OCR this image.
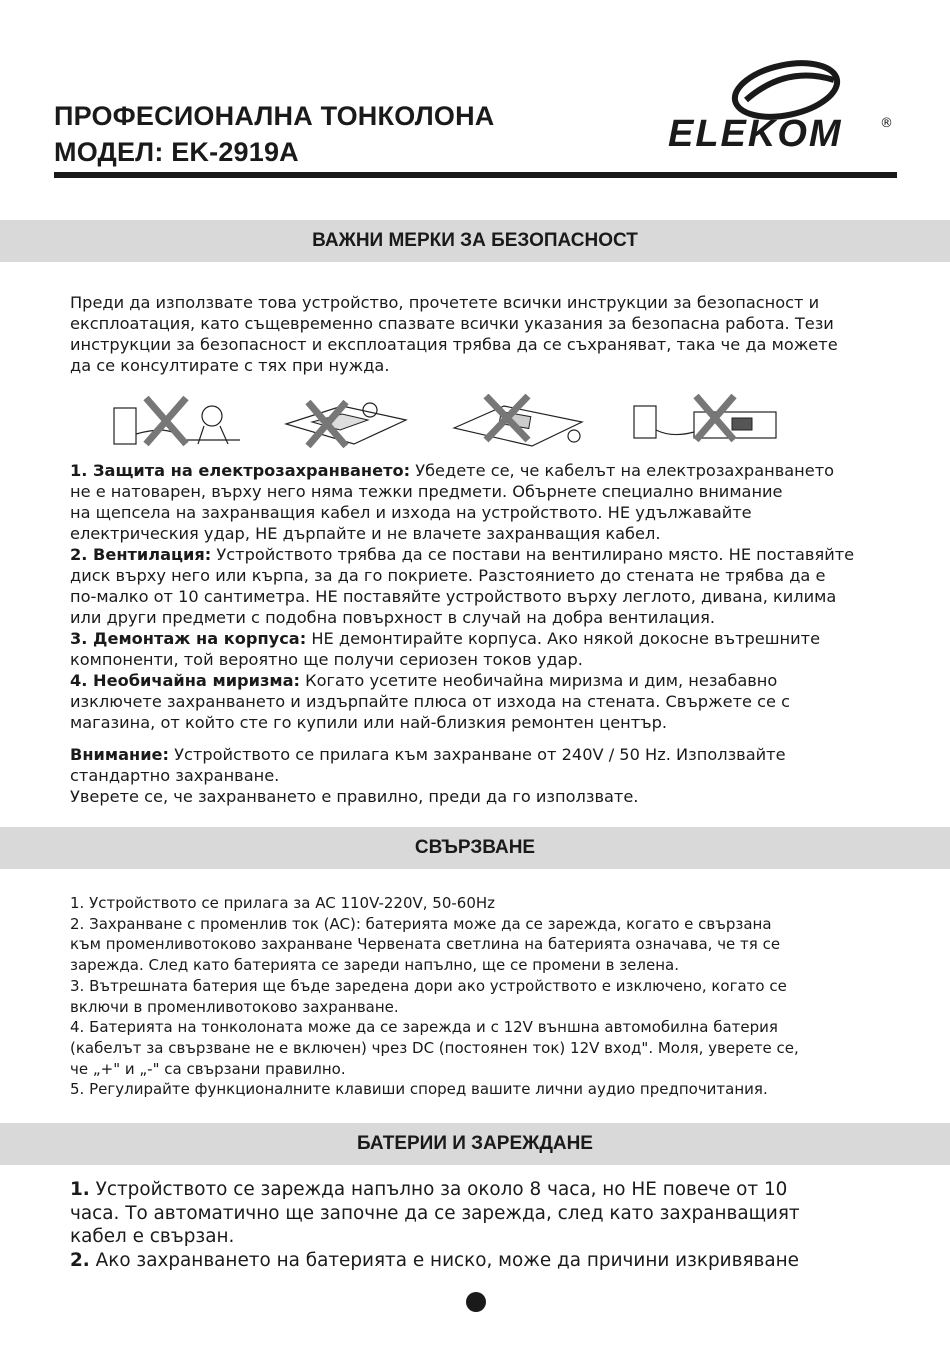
ПРОФЕСИОНАЛНА ТОНКОЛОНА
МОДЕЛ: EK-2919A	ELEKOM	®
ВАЖНИ МЕРКИ ЗА БЕЗОПАСНОСТ

Преди да използвате това устройство, прочетете всички инструкции за безопасност и

експлоатация, като същевременно спазвате всички указания за безопасна работа. Тези

инструкции за безопасност и експлоатация трябва да се съхраняват, така че да можете

да се консултирате с тях при нужда.

1. Защита на електрозахранването: Убедете се, че кабелът на електрозахранването

не е натоварен, върху него няма тежки предмети. Обърнете специално внимание

на щепсела на захранващия кабел и изхода на устройството. НЕ удължавайте

електрическия удар, НЕ дърпайте и не влачете захранващия кабел.

2. Вентилация: Устройството трябва да се постави на вентилирано място. НЕ поставяйте

диск върху него или кърпа, за да го покриете. Разстоянието до стената не трябва да е

по-малко от 10 сантиметра. НЕ поставяйте устройството върху леглото, дивана, килима

или други предмети с подобна повърхност в случай на добра вентилация.

3. Демонтаж на корпуса: НЕ демонтирайте корпуса. Ако някой докосне вътрешните

компоненти, той вероятно ще получи сериозен токов удар.

4. Необичайна миризма: Когато усетите необичайна миризма и дим, незабавно

изключете захранването и издърпайте плюса от изхода на стената. Свържете се с

магазина, от който сте го купили или най-близкия ремонтен център.

Внимание: Устройството се прилага към захранване от 240V / 50 Hz. Използвайте

стандартно захранване.

Уверете се, че захранването е правилно, преди да го използвате.

СВЪРЗВАНЕ

1. Устройството се прилага за AC 110V-220V, 50-60Hz

2. Захранване с променлив ток (AC): батерията може да се зарежда, когато е свързана

към променливотоково захранване Червената светлина на батерията означава, че тя се

зарежда. След като батерията се зареди напълно, ще се промени в зелена.

3. Вътрешната батерия ще бъде заредена дори ако устройството е изключено, когато се

включи в променливотоково захранване.

4. Батерията на тонколоната може да се зарежда и с 12V външна автомобилна батерия

(кабелът за свързване не е включен) чрез DC (постоянен ток) 12V вход". Моля, уверете се,

че „+" и „-" са свързани правилно.

5. Регулирайте функционалните клавиши според вашите лични аудио предпочитания.

БАТЕРИИ И ЗАРЕЖДАНЕ

1. Устройството се зарежда напълно за около 8 часа, но НЕ повече от 10

часа. То автоматично ще започне да се зарежда, след като захранващият

кабел е свързан.

2. Ако захранването на батерията е ниско, може да причини изкривяване
